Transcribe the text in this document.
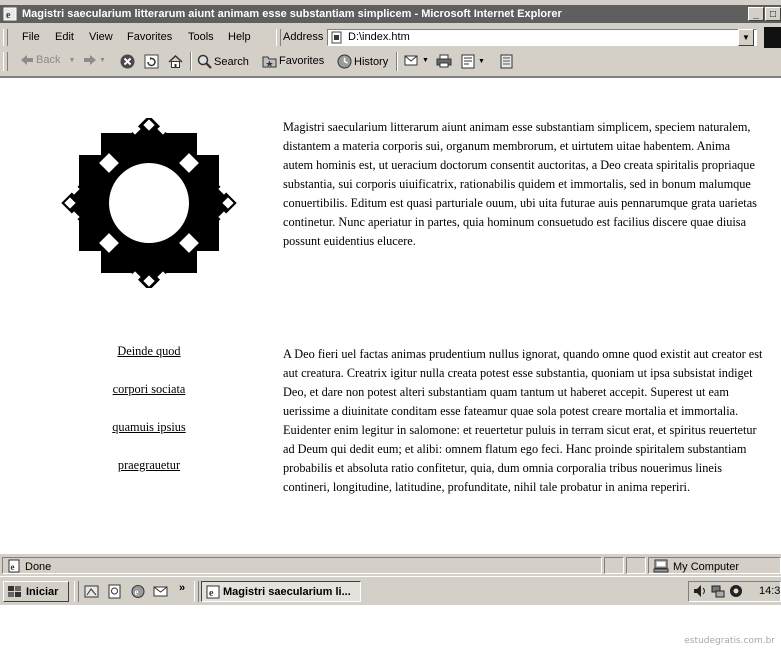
e Magistri saecularium litterarum aiunt animam esse substantiam simplicem - Microsoft Internet Explorer	_	□
File Edit View Favorites Tools Help	Address D:\index.htm	▼
Back ▼	▼	Search	Favorites	History	▼	▼

Magistri saecularium litterarum aiunt animam esse substantiam simplicem, speciem naturalem, distantem a materia corporis sui, organum membrorum, et uirtutem uitae habentem. Anima autem hominis est, ut ueracium doctorum consentit auctoritas, a Deo creata spiritalis propriaque substantia, sui corporis uiuificatrix, rationabilis quidem et immortalis, sed in bonum malumque conuertibilis. Editum est quasi parturiale ouum, ubi uita futurae auis pennarumque grata uarietas continetur. Nunc aperiatur in partes, quia hominum consuetudo est facilius discere quae diuisa possunt euidentius elucere.

Deinde quod
corpori sociata
quamuis ipsius
praegrauetur

A Deo fieri uel factas animas prudentium nullus ignorat, quando omne quod existit aut creator est aut creatura. Creatrix igitur nulla creata potest esse substantia, quoniam ut ipsa subsistat indiget Deo, et dare non potest alteri substantiam quam tantum ut haberet accepit. Superest ut eam uerissime a diuinitate conditam esse fateamur quae sola potest creare mortalia et immortalia. Euidenter enim legitur in salomone: et reuertetur puluis in terram sicut erat, et spiritus reuertetur ad Deum qui dedit eum; et alibi: omnem flatum ego feci. Hanc proinde spiritalem substantiam probabilis et absoluta ratio confitetur, quia, dum omnia corporalia tribus nouerimus lineis contineri, longitudine, latitudine, profunditate, nihil tale probatur in anima reperiri.

e Done	My Computer
Iniciar	e	» e Magistri saecularium li...	14:3
estudegratis.com.br
